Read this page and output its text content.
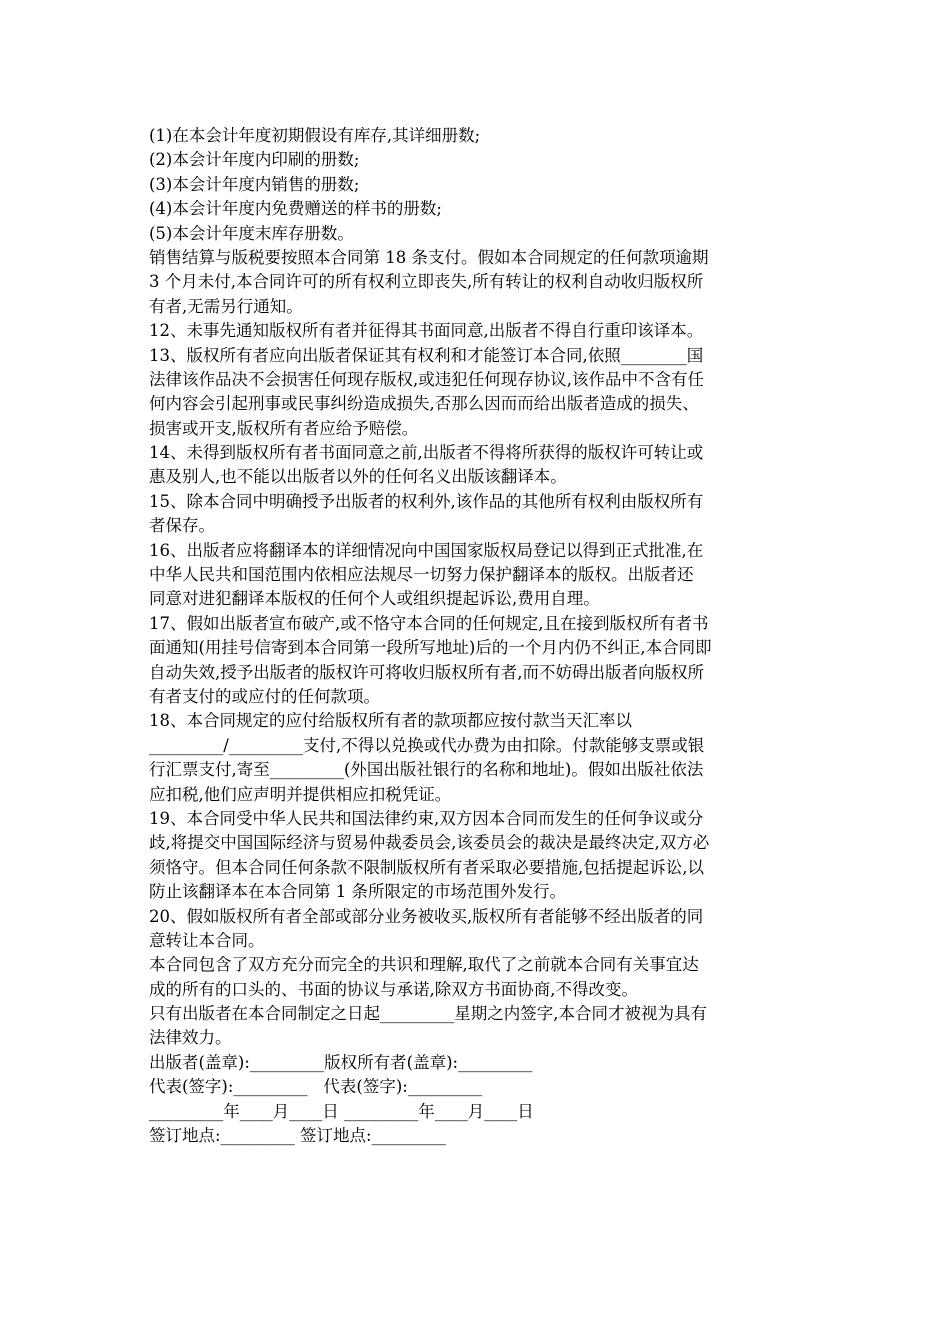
(1)在本会计年度初期假设有库存,其详细册数;
(2)本会计年度内印刷的册数;
(3)本会计年度内销售的册数;
(4)本会计年度内免费赠送的样书的册数;
(5)本会计年度末库存册数。
销售结算与版税要按照本合同第 18 条支付。假如本合同规定的任何款项逾期
3 个月未付,本合同许可的所有权利立即丧失,所有转让的权利自动收归版权所
有者,无需另行通知。
12、未事先通知版权所有者并征得其书面同意,出版者不得自行重印该译本。
13、版权所有者应向出版者保证其有权利和才能签订本合同,依照________国
法律该作品决不会损害任何现存版权,或违犯任何现存协议,该作品中不含有任
何内容会引起刑事或民事纠纷造成损失,否那么因而而给出版者造成的损失、
损害或开支,版权所有者应给予赔偿。
14、未得到版权所有者书面同意之前,出版者不得将所获得的版权许可转让或
惠及别人,也不能以出版者以外的任何名义出版该翻译本。
15、除本合同中明确授予出版者的权利外,该作品的其他所有权利由版权所有
者保存。
16、出版者应将翻译本的详细情况向中国国家版权局登记以得到正式批准,在
中华人民共和国范围内依相应法规尽一切努力保护翻译本的版权。出版者还
同意对进犯翻译本版权的任何个人或组织提起诉讼,费用自理。
17、假如出版者宣布破产,或不恪守本合同的任何规定,且在接到版权所有者书
面通知(用挂号信寄到本合同第一段所写地址)后的一个月内仍不纠正,本合同即
自动失效,授予出版者的版权许可将收归版权所有者,而不妨碍出版者向版权所
有者支付的或应付的任何款项。
18、本合同规定的应付给版权所有者的款项都应按付款当天汇率以
_________/_________支付,不得以兑换或代办费为由扣除。付款能够支票或银
行汇票支付,寄至_________(外国出版社银行的名称和地址)。假如出版社依法
应扣税,他们应声明并提供相应扣税凭证。
19、本合同受中华人民共和国法律约束,双方因本合同而发生的任何争议或分
歧,将提交中国国际经济与贸易仲裁委员会,该委员会的裁决是最终决定,双方必
须恪守。但本合同任何条款不限制版权所有者采取必要措施,包括提起诉讼,以
防止该翻译本在本合同第 1 条所限定的市场范围外发行。
20、假如版权所有者全部或部分业务被收买,版权所有者能够不经出版者的同
意转让本合同。
本合同包含了双方充分而完全的共识和理解,取代了之前就本合同有关事宜达
成的所有的口头的、书面的协议与承诺,除双方书面协商,不得改变。
只有出版者在本合同制定之日起_________星期之内签字,本合同才被视为具有
法律效力。
出版者(盖章):_________版权所有者(盖章):_________
代表(签字):_________   代表(签字):_________
_________年____月____日 _________年____月____日
签订地点:_________ 签订地点:_________
